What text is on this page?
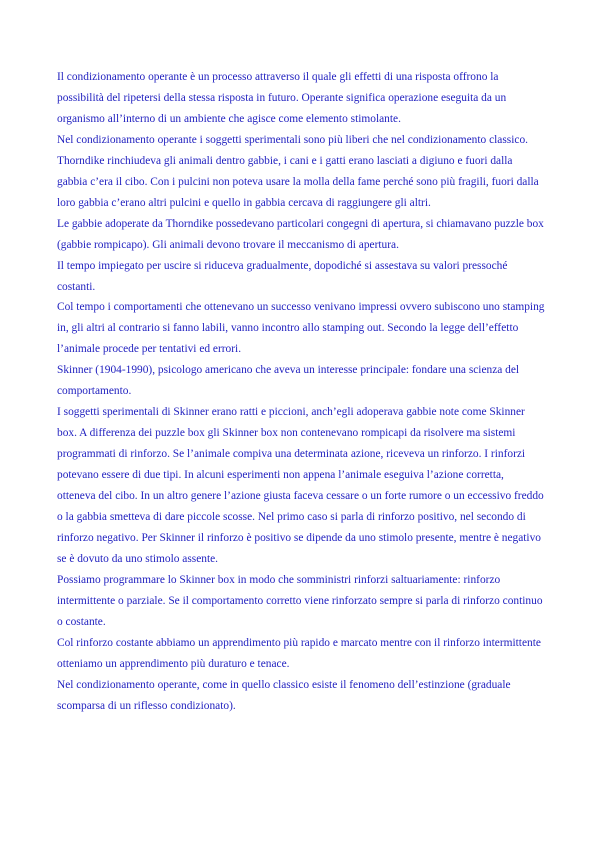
Il condizionamento operante è un processo attraverso il quale gli effetti di una risposta offrono la possibilità del ripetersi della stessa risposta in futuro. Operante significa operazione eseguita da un organismo all’interno di un ambiente che agisce come elemento stimolante.

Nel condizionamento operante i soggetti sperimentali sono più liberi che nel condizionamento classico.

Thorndike rinchiudeva gli animali dentro gabbie, i cani e i gatti erano lasciati a digiuno e fuori dalla gabbia c’era il cibo. Con i pulcini non poteva usare la molla della fame perché sono più fragili, fuori dalla loro gabbia c’erano altri pulcini e quello in gabbia cercava di raggiungere gli altri.

Le gabbie adoperate da Thorndike possedevano particolari congegni di apertura, si chiamavano puzzle box (gabbie rompicapo). Gli animali devono trovare il meccanismo di apertura.

Il tempo impiegato per uscire si riduceva gradualmente, dopodiché si assestava su valori pressoché costanti.

Col tempo i comportamenti che ottenevano un successo venivano impressi ovvero subiscono uno stamping in, gli altri al contrario si fanno labili, vanno incontro allo stamping out. Secondo la legge dell’effetto l’animale procede per tentativi ed errori.

Skinner (1904-1990), psicologo americano che aveva un interesse principale: fondare una scienza del comportamento.

I soggetti sperimentali di Skinner erano ratti e piccioni, anch’egli adoperava gabbie note come Skinner box. A differenza dei puzzle box gli Skinner box non contenevano rompicapi da risolvere ma sistemi programmati di rinforzo. Se l’animale compiva una determinata azione, riceveva un rinforzo. I rinforzi potevano essere di due tipi. In alcuni esperimenti non appena l’animale eseguiva l’azione corretta, otteneva del cibo. In un altro genere l’azione giusta faceva cessare o un forte rumore o un eccessivo freddo o la gabbia smetteva di dare piccole scosse. Nel primo caso si parla di rinforzo positivo, nel secondo di rinforzo negativo. Per Skinner il rinforzo è positivo se dipende da uno stimolo presente, mentre è negativo se è dovuto da uno stimolo assente.

Possiamo programmare lo Skinner box in modo che somministri rinforzi saltuariamente: rinforzo intermittente o parziale. Se il comportamento corretto viene rinforzato sempre si parla di rinforzo continuo o costante.

Col rinforzo costante abbiamo un apprendimento più rapido e marcato mentre con il rinforzo intermittente otteniamo un apprendimento più duraturo e tenace.

Nel condizionamento operante, come in quello classico esiste il fenomeno dell’estinzione (graduale scomparsa di un riflesso condizionato).
